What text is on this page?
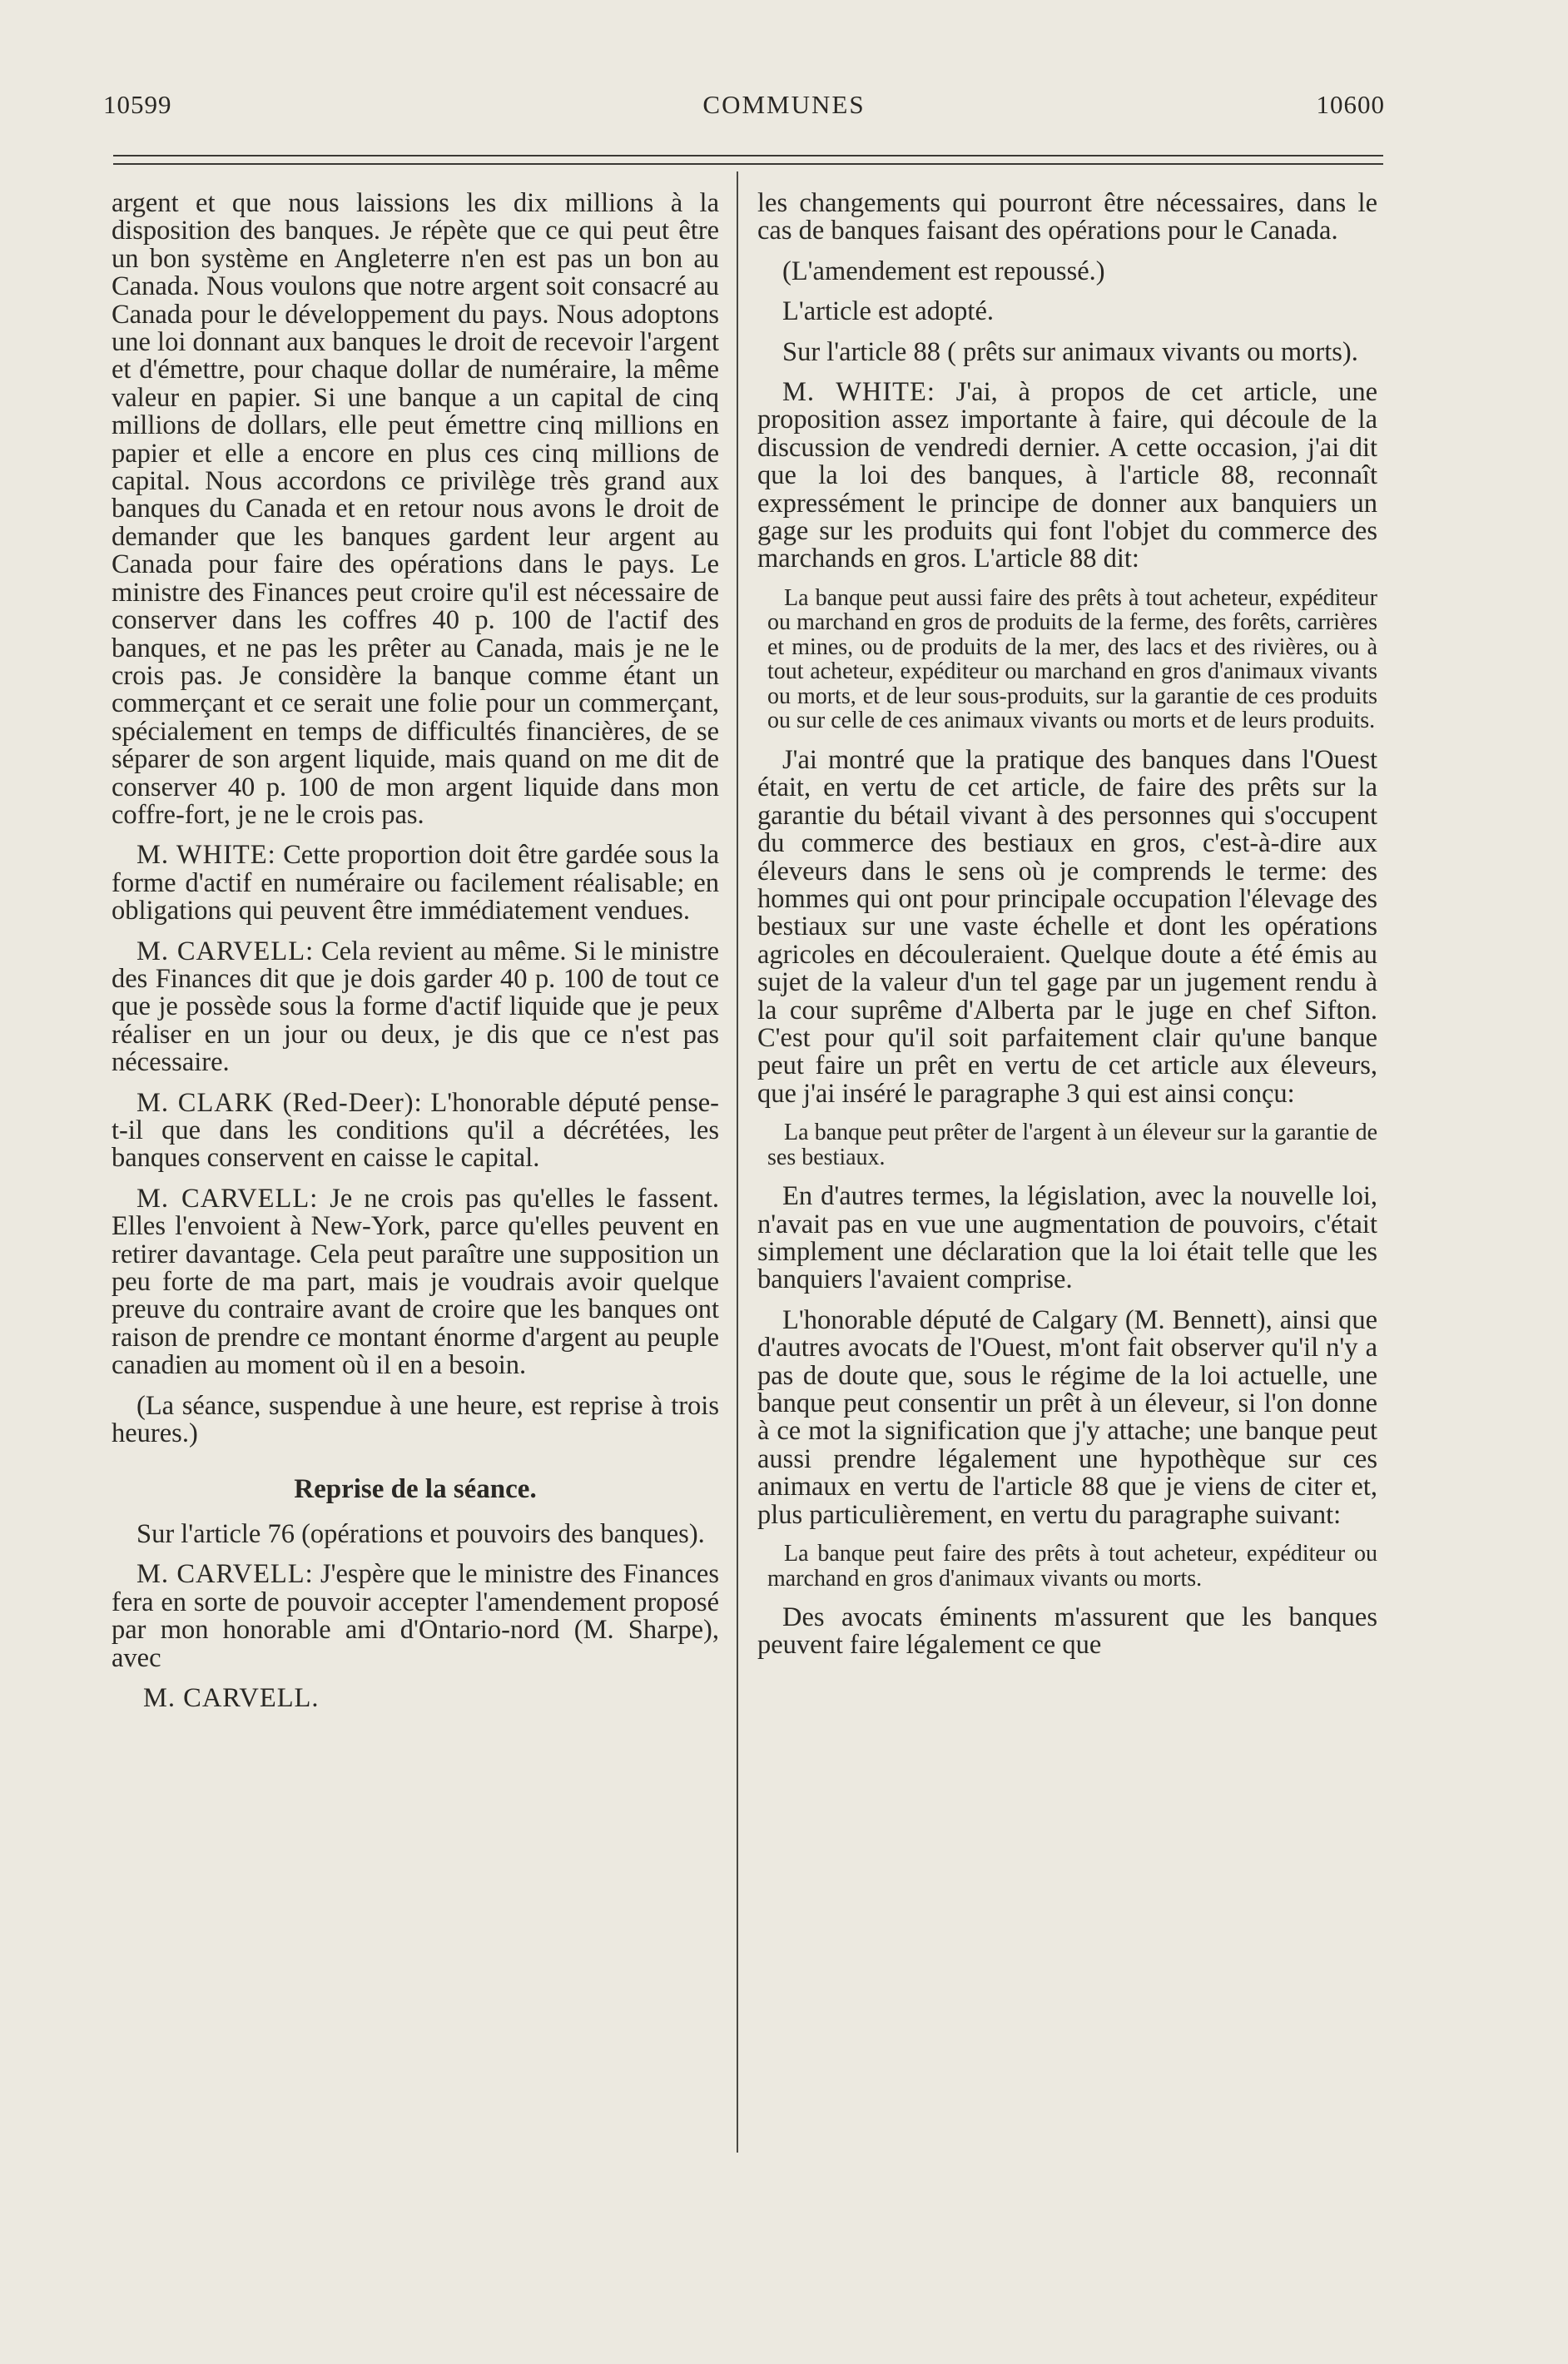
10599	COMMUNES	10600

argent et que nous laissions les dix millions à la disposition des banques. Je répète que ce qui peut être un bon système en Angleterre n'en est pas un bon au Canada. Nous voulons que notre argent soit consacré au Canada pour le développement du pays. Nous adoptons une loi donnant aux banques le droit de recevoir l'argent et d'émettre, pour chaque dollar de numéraire, la même valeur en papier. Si une banque a un capital de cinq millions de dollars, elle peut émettre cinq millions en papier et elle a encore en plus ces cinq millions de capital. Nous accordons ce privilège très grand aux banques du Canada et en retour nous avons le droit de demander que les banques gardent leur argent au Canada pour faire des opérations dans le pays. Le ministre des Finances peut croire qu'il est nécessaire de conserver dans les coffres 40 p. 100 de l'actif des banques, et ne pas les prêter au Canada, mais je ne le crois pas. Je considère la banque comme étant un commerçant et ce serait une folie pour un commerçant, spécialement en temps de difficultés financières, de se séparer de son argent liquide, mais quand on me dit de conserver 40 p. 100 de mon argent liquide dans mon coffre-fort, je ne le crois pas.

M. WHITE: Cette proportion doit être gardée sous la forme d'actif en numéraire ou facilement réalisable; en obligations qui peuvent être immédiatement vendues.

M. CARVELL: Cela revient au même. Si le ministre des Finances dit que je dois garder 40 p. 100 de tout ce que je possède sous la forme d'actif liquide que je peux réaliser en un jour ou deux, je dis que ce n'est pas nécessaire.

M. CLARK (Red-Deer): L'honorable député pense-t-il que dans les conditions qu'il a décrétées, les banques conservent en caisse le capital.

M. CARVELL: Je ne crois pas qu'elles le fassent. Elles l'envoient à New-York, parce qu'elles peuvent en retirer davantage. Cela peut paraître une supposition un peu forte de ma part, mais je voudrais avoir quelque preuve du contraire avant de croire que les banques ont raison de prendre ce montant énorme d'argent au peuple canadien au moment où il en a besoin.

(La séance, suspendue à une heure, est reprise à trois heures.)

Reprise de la séance.

Sur l'article 76 (opérations et pouvoirs des banques).

M. CARVELL: J'espère que le ministre des Finances fera en sorte de pouvoir accepter l'amendement proposé par mon honorable ami d'Ontario-nord (M. Sharpe), avec

M. CARVELL.

les changements qui pourront être nécessaires, dans le cas de banques faisant des opérations pour le Canada.

(L'amendement est repoussé.)

L'article est adopté.

Sur l'article 88 ( prêts sur animaux vivants ou morts).

M. WHITE: J'ai, à propos de cet article, une proposition assez importante à faire, qui découle de la discussion de vendredi dernier. A cette occasion, j'ai dit que la loi des banques, à l'article 88, reconnaît expressément le principe de donner aux banquiers un gage sur les produits qui font l'objet du commerce des marchands en gros. L'article 88 dit:

La banque peut aussi faire des prêts à tout acheteur, expéditeur ou marchand en gros de produits de la ferme, des forêts, carrières et mines, ou de produits de la mer, des lacs et des rivières, ou à tout acheteur, expéditeur ou marchand en gros d'animaux vivants ou morts, et de leur sous-produits, sur la garantie de ces produits ou sur celle de ces animaux vivants ou morts et de leurs produits.

J'ai montré que la pratique des banques dans l'Ouest était, en vertu de cet article, de faire des prêts sur la garantie du bétail vivant à des personnes qui s'occupent du commerce des bestiaux en gros, c'est-à-dire aux éleveurs dans le sens où je comprends le terme: des hommes qui ont pour principale occupation l'élevage des bestiaux sur une vaste échelle et dont les opérations agricoles en découleraient. Quelque doute a été émis au sujet de la valeur d'un tel gage par un jugement rendu à la cour suprême d'Alberta par le juge en chef Sifton. C'est pour qu'il soit parfaitement clair qu'une banque peut faire un prêt en vertu de cet article aux éleveurs, que j'ai inséré le paragraphe 3 qui est ainsi conçu:

La banque peut prêter de l'argent à un éleveur sur la garantie de ses bestiaux.

En d'autres termes, la législation, avec la nouvelle loi, n'avait pas en vue une augmentation de pouvoirs, c'était simplement une déclaration que la loi était telle que les banquiers l'avaient comprise.

L'honorable député de Calgary (M. Bennett), ainsi que d'autres avocats de l'Ouest, m'ont fait observer qu'il n'y a pas de doute que, sous le régime de la loi actuelle, une banque peut consentir un prêt à un éleveur, si l'on donne à ce mot la signification que j'y attache; une banque peut aussi prendre légalement une hypothèque sur ces animaux en vertu de l'article 88 que je viens de citer et, plus particulièrement, en vertu du paragraphe suivant:

La banque peut faire des prêts à tout acheteur, expéditeur ou marchand en gros d'animaux vivants ou morts.

Des avocats éminents m'assurent que les banques peuvent faire légalement ce que
